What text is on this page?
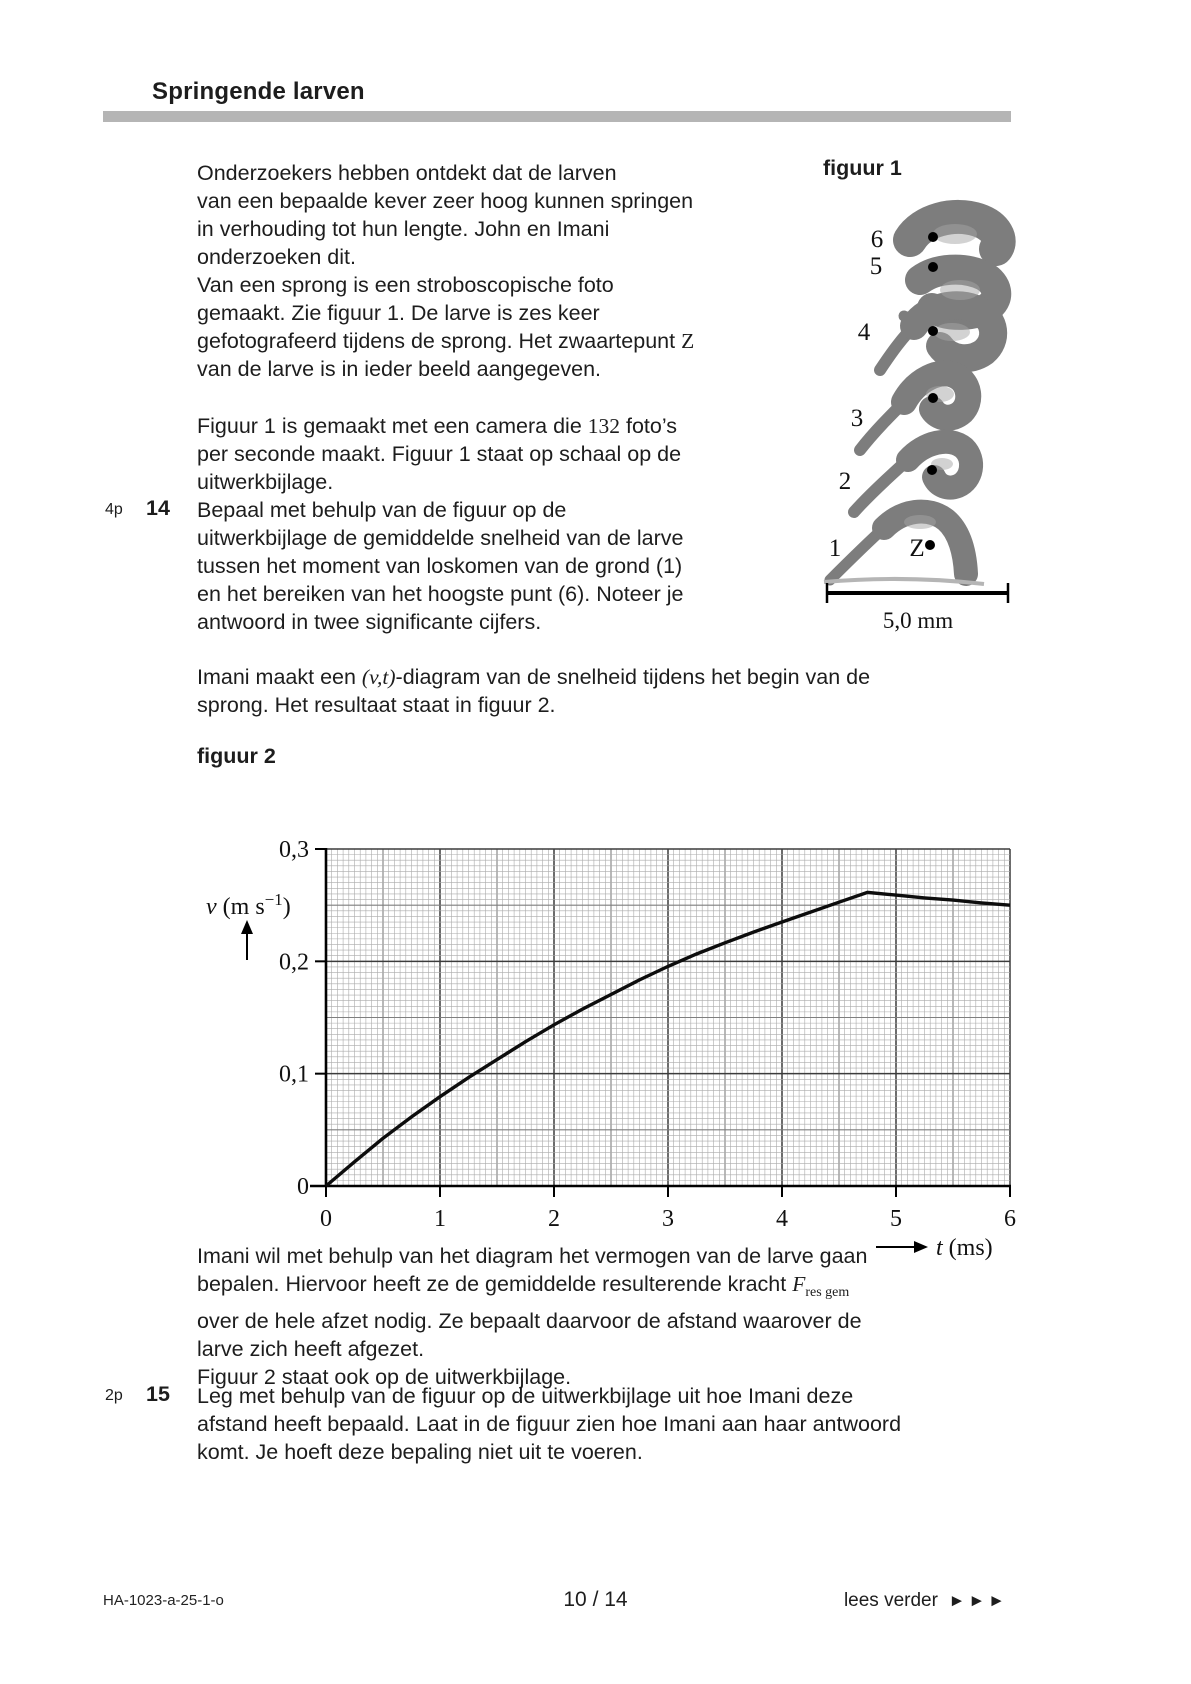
Springende larven
Onderzoekers hebben ontdekt dat de larven
van een bepaalde kever zeer hoog kunnen springen
in verhouding tot hun lengte. John en Imani
onderzoeken dit.
Van een sprong is een stroboscopische foto
gemaakt. Zie figuur 1. De larve is zes keer
gefotografeerd tijdens de sprong. Het zwaartepunt Z
van de larve is in ieder beeld aangegeven.
Figuur 1 is gemaakt met een camera die 132 foto’s
per seconde maakt. Figuur 1 staat op schaal op de
uitwerkbijlage.
4p 14 Bepaal met behulp van de figuur op de
uitwerkbijlage de gemiddelde snelheid van de larve
tussen het moment van loskomen van de grond (1)
en het bereiken van het hoogste punt (6). Noteer je
antwoord in twee significante cijfers.
Imani maakt een (v,t)-diagram van de snelheid tijdens het begin van de
sprong. Het resultaat staat in figuur 2.
figuur 1
6
5
4
3
2
1	Z
5,0 mm
figuur 2
0
0,1
0,2
0,3
0	1	2	3	4	5	6
v (m $s^{-1}$)
t (ms)
Imani wil met behulp van het diagram het vermogen van de larve gaan
bepalen. Hiervoor heeft ze de gemiddelde resulterende kracht $F_{res gem}$
over de hele afzet nodig. Ze bepaalt daarvoor de afstand waarover de
larve zich heeft afgezet.
Figuur 2 staat ook op de uitwerkbijlage.
2p 15 Leg met behulp van de figuur op de uitwerkbijlage uit hoe Imani deze
afstand heeft bepaald. Laat in de figuur zien hoe Imani aan haar antwoord
komt. Je hoeft deze bepaling niet uit te voeren.
HA-1023-a-25-1-o	10 / 14	lees verder ►►►
